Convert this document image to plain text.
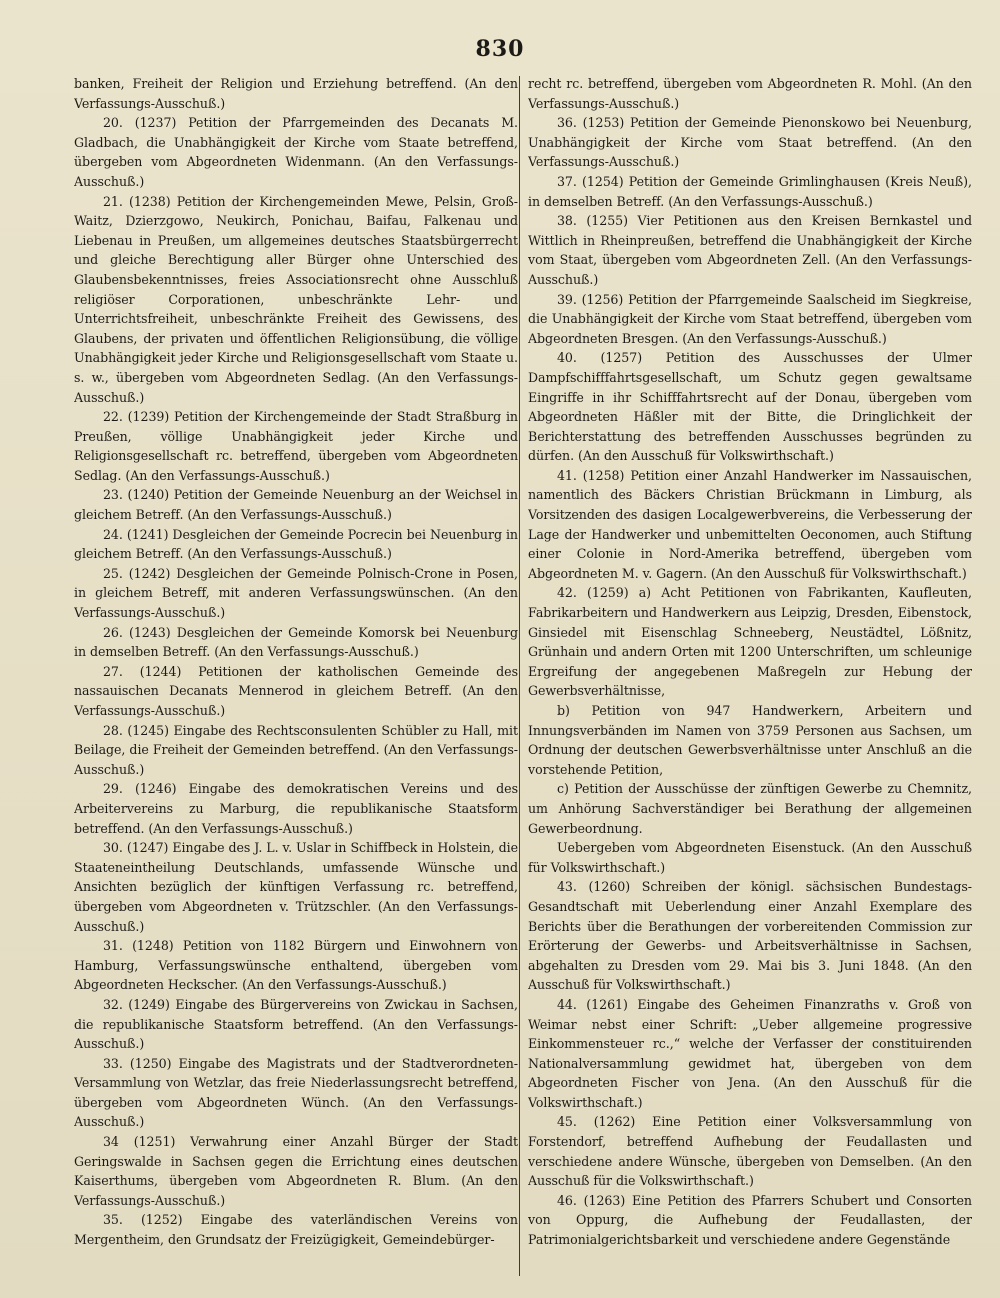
830

banken, Freiheit der Religion und Erziehung betreffend. (An den Verfassungs-Ausschuß.)

20. (1237) Petition der Pfarrgemeinden des Decanats M. Gladbach, die Unabhängigkeit der Kirche vom Staate betreffend, übergeben vom Abgeordneten Widenmann. (An den Verfassungs-Ausschuß.)

21. (1238) Petition der Kirchengemeinden Mewe, Pelsin, Groß-Waitz, Dzierzgowo, Neukirch, Ponichau, Baifau, Falkenau und Liebenau in Preußen, um allgemeines deutsches Staatsbürgerrecht und gleiche Berechtigung aller Bürger ohne Unterschied des Glaubensbekenntnisses, freies Associationsrecht ohne Ausschluß religiöser Corporationen, unbeschränkte Lehr- und Unterrichtsfreiheit, unbeschränkte Freiheit des Gewissens, des Glaubens, der privaten und öffentlichen Religionsübung, die völlige Unabhängigkeit jeder Kirche und Religionsgesellschaft vom Staate u. s. w., übergeben vom Abgeordneten Sedlag. (An den Verfassungs-Ausschuß.)

22. (1239) Petition der Kirchengemeinde der Stadt Straßburg in Preußen, völlige Unabhängigkeit jeder Kirche und Religionsgesellschaft rc. betreffend, übergeben vom Abgeordneten Sedlag. (An den Verfassungs-Ausschuß.)

23. (1240) Petition der Gemeinde Neuenburg an der Weichsel in gleichem Betreff. (An den Verfassungs-Ausschuß.)

24. (1241) Desgleichen der Gemeinde Pocrecin bei Neuenburg in gleichem Betreff. (An den Verfassungs-Ausschuß.)

25. (1242) Desgleichen der Gemeinde Polnisch-Crone in Posen, in gleichem Betreff, mit anderen Verfassungswünschen. (An den Verfassungs-Ausschuß.)

26. (1243) Desgleichen der Gemeinde Komorsk bei Neuenburg in demselben Betreff. (An den Verfassungs-Ausschuß.)

27. (1244) Petitionen der katholischen Gemeinde des nassauischen Decanats Mennerod in gleichem Betreff. (An den Verfassungs-Ausschuß.)

28. (1245) Eingabe des Rechtsconsulenten Schübler zu Hall, mit Beilage, die Freiheit der Gemeinden betreffend. (An den Verfassungs-Ausschuß.)

29. (1246) Eingabe des demokratischen Vereins und des Arbeitervereins zu Marburg, die republikanische Staatsform betreffend. (An den Verfassungs-Ausschuß.)

30. (1247) Eingabe des J. L. v. Uslar in Schiffbeck in Holstein, die Staateneintheilung Deutschlands, umfassende Wünsche und Ansichten bezüglich der künftigen Verfassung rc. betreffend, übergeben vom Abgeordneten v. Trützschler. (An den Verfassungs-Ausschuß.)

31. (1248) Petition von 1182 Bürgern und Einwohnern von Hamburg, Verfassungswünsche enthaltend, übergeben vom Abgeordneten Heckscher. (An den Verfassungs-Ausschuß.)

32. (1249) Eingabe des Bürgervereins von Zwickau in Sachsen, die republikanische Staatsform betreffend. (An den Verfassungs-Ausschuß.)

33. (1250) Eingabe des Magistrats und der Stadtverordneten-Versammlung von Wetzlar, das freie Niederlassungsrecht betreffend, übergeben vom Abgeordneten Wünch. (An den Verfassungs-Ausschuß.)

34 (1251) Verwahrung einer Anzahl Bürger der Stadt Geringswalde in Sachsen gegen die Errichtung eines deutschen Kaiserthums, übergeben vom Abgeordneten R. Blum. (An den Verfassungs-Ausschuß.)

35. (1252) Eingabe des vaterländischen Vereins von Mergentheim, den Grundsatz der Freizügigkeit, Gemeindebürger-

recht rc. betreffend, übergeben vom Abgeordneten R. Mohl. (An den Verfassungs-Ausschuß.)

36. (1253) Petition der Gemeinde Pienonskowo bei Neuenburg, Unabhängigkeit der Kirche vom Staat betreffend. (An den Verfassungs-Ausschuß.)

37. (1254) Petition der Gemeinde Grimlinghausen (Kreis Neuß), in demselben Betreff. (An den Verfassungs-Ausschuß.)

38. (1255) Vier Petitionen aus den Kreisen Bernkastel und Wittlich in Rheinpreußen, betreffend die Unabhängigkeit der Kirche vom Staat, übergeben vom Abgeordneten Zell. (An den Verfassungs-Ausschuß.)

39. (1256) Petition der Pfarrgemeinde Saalscheid im Siegkreise, die Unabhängigkeit der Kirche vom Staat betreffend, übergeben vom Abgeordneten Bresgen. (An den Verfassungs-Ausschuß.)

40. (1257) Petition des Ausschusses der Ulmer Dampfschifffahrtsgesellschaft, um Schutz gegen gewaltsame Eingriffe in ihr Schifffahrtsrecht auf der Donau, übergeben vom Abgeordneten Häßler mit der Bitte, die Dringlichkeit der Berichterstattung des betreffenden Ausschusses begründen zu dürfen. (An den Ausschuß für Volkswirthschaft.)

41. (1258) Petition einer Anzahl Handwerker im Nassauischen, namentlich des Bäckers Christian Brückmann in Limburg, als Vorsitzenden des dasigen Localgewerbvereins, die Verbesserung der Lage der Handwerker und unbemittelten Oeconomen, auch Stiftung einer Colonie in Nord-Amerika betreffend, übergeben vom Abgeordneten M. v. Gagern. (An den Ausschuß für Volkswirthschaft.)

42. (1259) a) Acht Petitionen von Fabrikanten, Kaufleuten, Fabrikarbeitern und Handwerkern aus Leipzig, Dresden, Eibenstock, Ginsiedel mit Eisenschlag Schneeberg, Neustädtel, Lößnitz, Grünhain und andern Orten mit 1200 Unterschriften, um schleunige Ergreifung der angegebenen Maßregeln zur Hebung der Gewerbsverhältnisse,

b) Petition von 947 Handwerkern, Arbeitern und Innungsverbänden im Namen von 3759 Personen aus Sachsen, um Ordnung der deutschen Gewerbsverhältnisse unter Anschluß an die vorstehende Petition,

c) Petition der Ausschüsse der zünftigen Gewerbe zu Chemnitz, um Anhörung Sachverständiger bei Berathung der allgemeinen Gewerbeordnung.

Uebergeben vom Abgeordneten Eisenstuck. (An den Ausschuß für Volkswirthschaft.)

43. (1260) Schreiben der königl. sächsischen Bundestags-Gesandtschaft mit Ueberlendung einer Anzahl Exemplare des Berichts über die Berathungen der vorbereitenden Commission zur Erörterung der Gewerbs- und Arbeitsverhältnisse in Sachsen, abgehalten zu Dresden vom 29. Mai bis 3. Juni 1848. (An den Ausschuß für Volkswirthschaft.)

44. (1261) Eingabe des Geheimen Finanzraths v. Groß von Weimar nebst einer Schrift: „Ueber allgemeine progressive Einkommensteuer rc.,“ welche der Verfasser der constituirenden Nationalversammlung gewidmet hat, übergeben von dem Abgeordneten Fischer von Jena. (An den Ausschuß für die Volkswirthschaft.)

45. (1262) Eine Petition einer Volksversammlung von Forstendorf, betreffend Aufhebung der Feudallasten und verschiedene andere Wünsche, übergeben von Demselben. (An den Ausschuß für die Volkswirthschaft.)

46. (1263) Eine Petition des Pfarrers Schubert und Consorten von Oppurg, die Aufhebung der Feudallasten, der Patrimonialgerichtsbarkeit und verschiedene andere Gegenstände
